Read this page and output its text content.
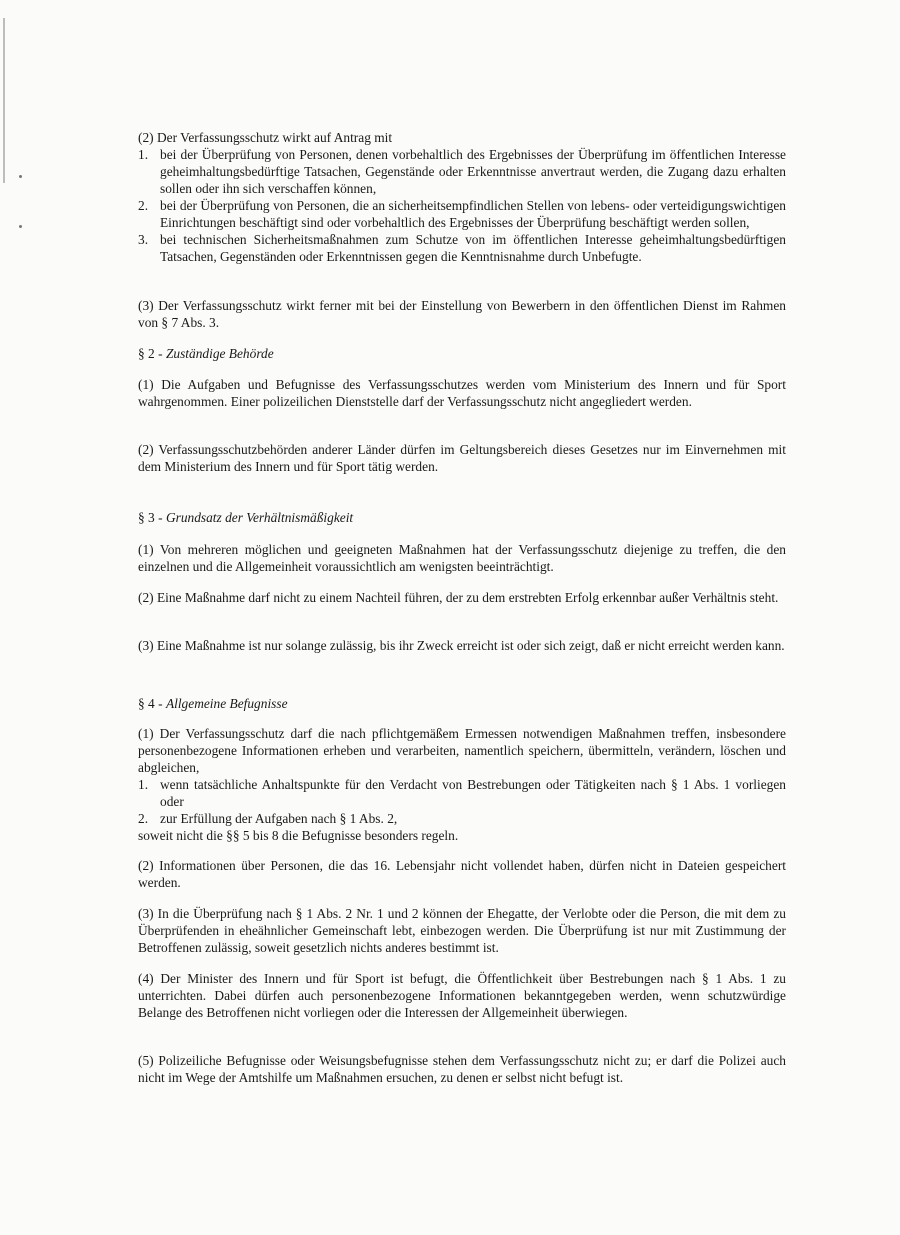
(2) Der Verfassungsschutz wirkt auf Antrag mit
1. bei der Überprüfung von Personen, denen vorbehaltlich des Ergebnisses der Überprüfung im öffentlichen Interesse geheimhaltungsbedürftige Tatsachen, Gegenstände oder Erkenntnisse anvertraut werden, die Zugang dazu erhalten sollen oder ihn sich verschaffen können,
2. bei der Überprüfung von Personen, die an sicherheitsempfindlichen Stellen von lebens- oder verteidigungswichtigen Einrichtungen beschäftigt sind oder vorbehaltlich des Ergebnisses der Überprüfung beschäftigt werden sollen,
3. bei technischen Sicherheitsmaßnahmen zum Schutze von im öffentlichen Interesse geheimhaltungsbedürftigen Tatsachen, Gegenständen oder Erkenntnissen gegen die Kenntnisnahme durch Unbefugte.
(3) Der Verfassungsschutz wirkt ferner mit bei der Einstellung von Bewerbern in den öffentlichen Dienst im Rahmen von § 7 Abs. 3.
§ 2 - Zuständige Behörde
(1) Die Aufgaben und Befugnisse des Verfassungsschutzes werden vom Ministerium des Innern und für Sport wahrgenommen. Einer polizeilichen Dienststelle darf der Verfassungsschutz nicht angegliedert werden.
(2) Verfassungsschutzbehörden anderer Länder dürfen im Geltungsbereich dieses Gesetzes nur im Einvernehmen mit dem Ministerium des Innern und für Sport tätig werden.
§ 3 - Grundsatz der Verhältnismäßigkeit
(1) Von mehreren möglichen und geeigneten Maßnahmen hat der Verfassungsschutz diejenige zu treffen, die den einzelnen und die Allgemeinheit voraussichtlich am wenigsten beeinträchtigt.
(2) Eine Maßnahme darf nicht zu einem Nachteil führen, der zu dem erstrebten Erfolg erkennbar außer Verhältnis steht.
(3) Eine Maßnahme ist nur solange zulässig, bis ihr Zweck erreicht ist oder sich zeigt, daß er nicht erreicht werden kann.
§ 4 - Allgemeine Befugnisse
(1) Der Verfassungsschutz darf die nach pflichtgemäßem Ermessen notwendigen Maßnahmen treffen, insbesondere personenbezogene Informationen erheben und verarbeiten, namentlich speichern, übermitteln, verändern, löschen und abgleichen,
1. wenn tatsächliche Anhaltspunkte für den Verdacht von Bestrebungen oder Tätigkeiten nach § 1 Abs. 1 vorliegen oder
2. zur Erfüllung der Aufgaben nach § 1 Abs. 2,
soweit nicht die §§ 5 bis 8 die Befugnisse besonders regeln.
(2) Informationen über Personen, die das 16. Lebensjahr nicht vollendet haben, dürfen nicht in Dateien gespeichert werden.
(3) In die Überprüfung nach § 1 Abs. 2 Nr. 1 und 2 können der Ehegatte, der Verlobte oder die Person, die mit dem zu Überprüfenden in eheähnlicher Gemeinschaft lebt, einbezogen werden. Die Überprüfung ist nur mit Zustimmung der Betroffenen zulässig, soweit gesetzlich nichts anderes bestimmt ist.
(4) Der Minister des Innern und für Sport ist befugt, die Öffentlichkeit über Bestrebungen nach § 1 Abs. 1 zu unterrichten. Dabei dürfen auch personenbezogene Informationen bekanntgegeben werden, wenn schutzwürdige Belange des Betroffenen nicht vorliegen oder die Interessen der Allgemeinheit überwiegen.
(5) Polizeiliche Befugnisse oder Weisungsbefugnisse stehen dem Verfassungsschutz nicht zu; er darf die Polizei auch nicht im Wege der Amtshilfe um Maßnahmen ersuchen, zu denen er selbst nicht befugt ist.
